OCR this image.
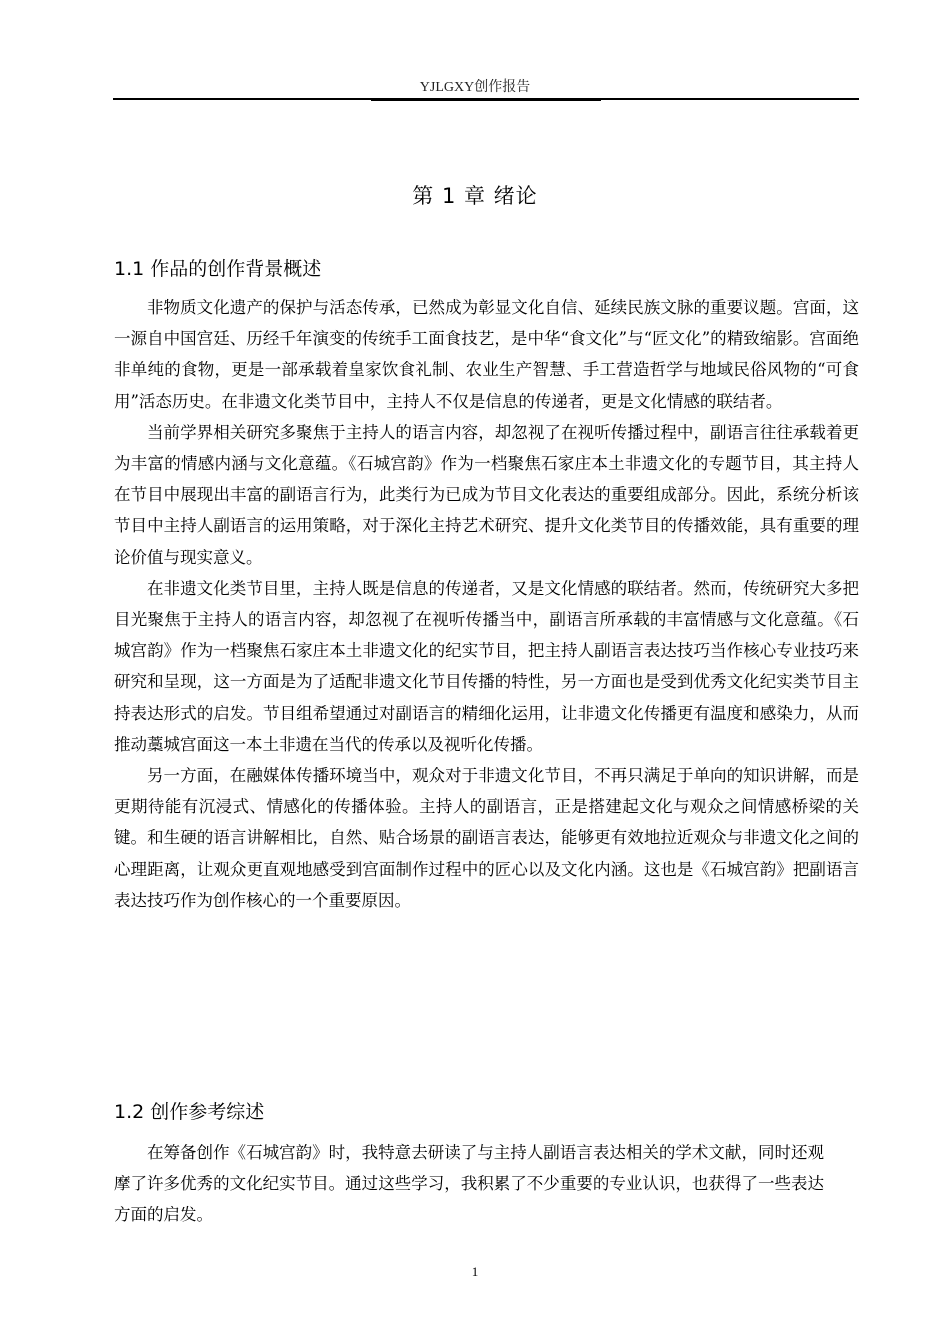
YJLGXY创作报告
第 1 章 绪论
1.1 作品的创作背景概述

非物质文化遗产的保护与活态传承，已然成为彰显文化自信、延续民族文脉的重要议题。宫面，这一源自中国宫廷、历经千年演变的传统手工面食技艺，是中华“食文化”与“匠文化”的精致缩影。宫面绝非单纯的食物，更是一部承载着皇家饮食礼制、农业生产智慧、手工营造哲学与地域民俗风物的“可食用”活态历史。在非遗文化类节目中，主持人不仅是信息的传递者，更是文化情感的联结者。

当前学界相关研究多聚焦于主持人的语言内容，却忽视了在视听传播过程中，副语言往往承载着更为丰富的情感内涵与文化意蕴。《石城宫韵》作为一档聚焦石家庄本土非遗文化的专题节目，其主持人在节目中展现出丰富的副语言行为，此类行为已成为节目文化表达的重要组成部分。因此，系统分析该节目中主持人副语言的运用策略，对于深化主持艺术研究、提升文化类节目的传播效能，具有重要的理论价值与现实意义。

在非遗文化类节目里，主持人既是信息的传递者，又是文化情感的联结者。然而，传统研究大多把目光聚焦于主持人的语言内容，却忽视了在视听传播当中，副语言所承载的丰富情感与文化意蕴。《石城宫韵》作为一档聚焦石家庄本土非遗文化的纪实节目，把主持人副语言表达技巧当作核心专业技巧来研究和呈现，这一方面是为了适配非遗文化节目传播的特性，另一方面也是受到优秀文化纪实类节目主持表达形式的启发。节目组希望通过对副语言的精细化运用，让非遗文化传播更有温度和感染力，从而推动藁城宫面这一本土非遗在当代的传承以及视听化传播。

另一方面，在融媒体传播环境当中，观众对于非遗文化节目，不再只满足于单向的知识讲解，而是更期待能有沉浸式、情感化的传播体验。主持人的副语言，正是搭建起文化与观众之间情感桥梁的关键。和生硬的语言讲解相比，自然、贴合场景的副语言表达，能够更有效地拉近观众与非遗文化之间的心理距离，让观众更直观地感受到宫面制作过程中的匠心以及文化内涵。这也是《石城宫韵》把副语言表达技巧作为创作核心的一个重要原因。

1.2 创作参考综述

在筹备创作《石城宫韵》时，我特意去研读了与主持人副语言表达相关的学术文献，同时还观摩了许多优秀的文化纪实节目。通过这些学习，我积累了不少重要的专业认识，也获得了一些表达方面的启发。

1
